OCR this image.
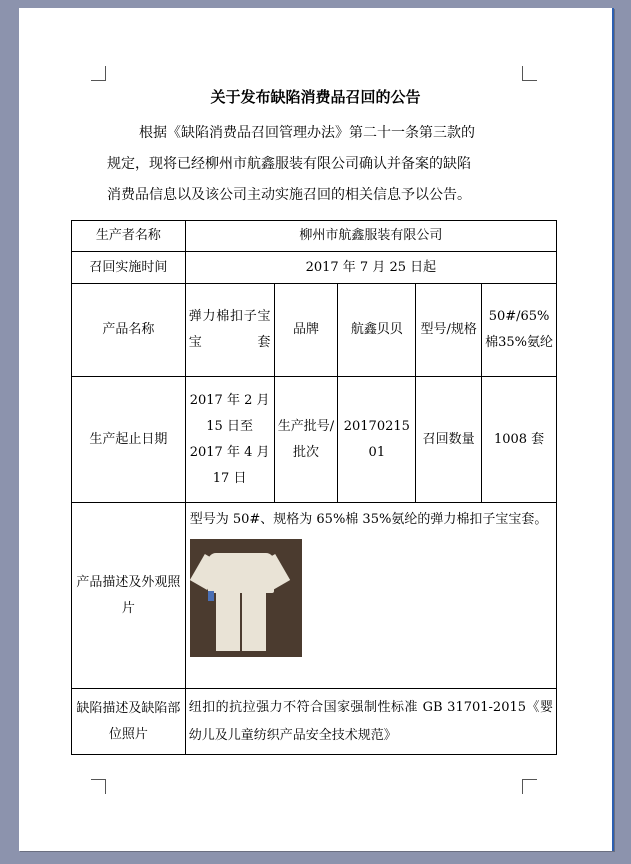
关于发布缺陷消费品召回的公告
根据《缺陷消费品召回管理办法》第二十一条第三款的
规定，现将已经柳州市航鑫服装有限公司确认并备案的缺陷
消费品信息以及该公司主动实施召回的相关信息予以公告。
生产者名称	柳州市航鑫服装有限公司				
召回实施时间	2017 年 7 月 25 日起				
产品名称	弹力棉扣子宝宝套	品牌	航鑫贝贝	型号/规格	50#/65%棉35%氨纶
生产起止日期	2017 年 2 月 15 日至 2017 年 4 月 17 日	生产批号/批次	2017021501	召回数量	1008 套
产品描述及外观照片	型号为 50#、规格为 65%棉 35%氨纶的弹力棉扣子宝宝套。				

缺陷描述及缺陷部位照片	纽扣的抗拉强力不符合国家强制性标准 GB 31701-2015《婴幼儿及儿童纺织产品安全技术规范》				
